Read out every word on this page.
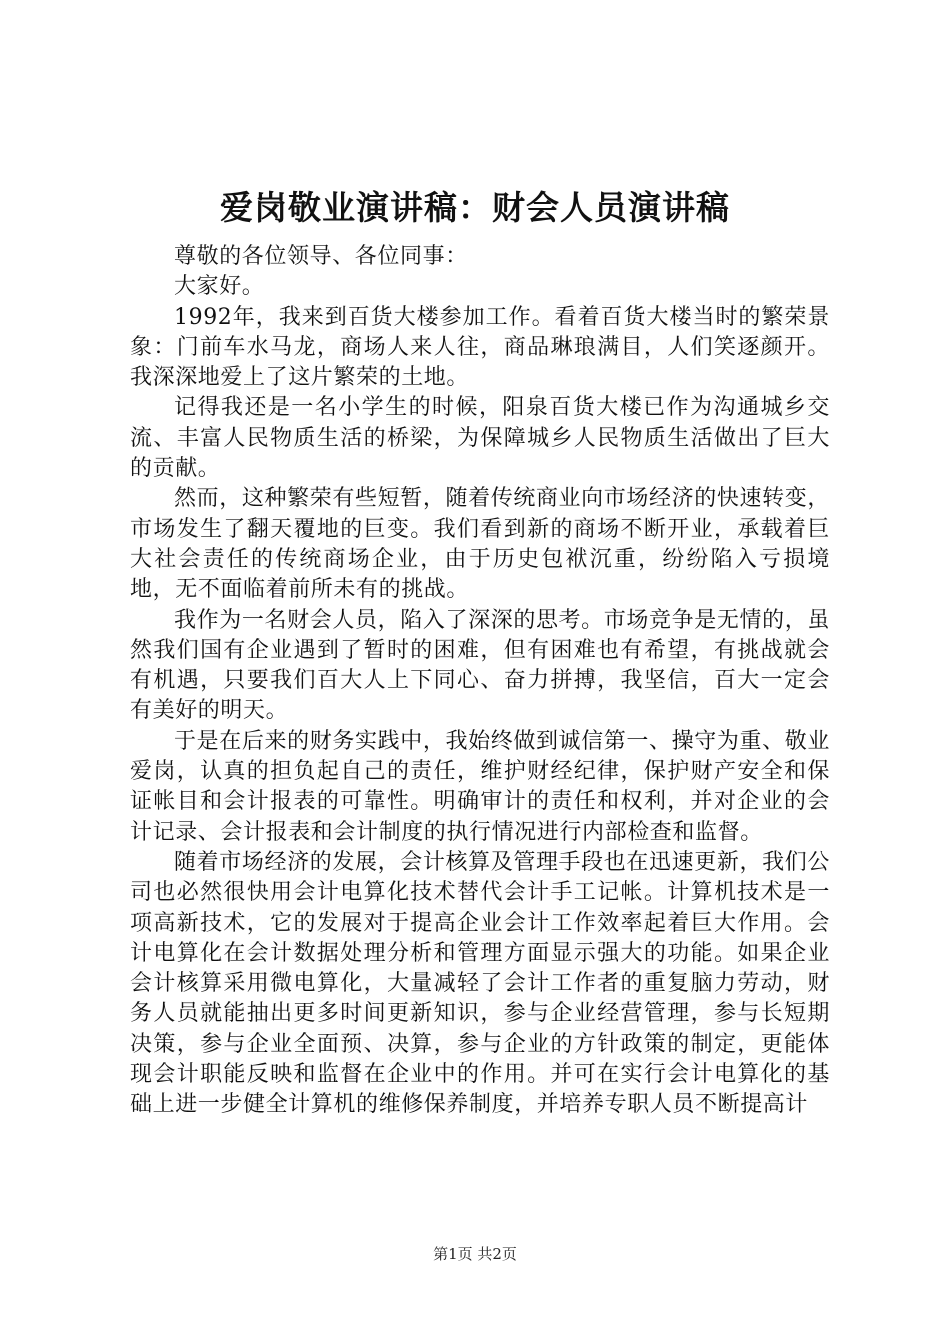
爱岗敬业演讲稿：财会人员演讲稿

尊敬的各位领导、各位同事：

大家好。

1992年，我来到百货大楼参加工作。看着百货大楼当时的繁荣景象：门前车水马龙，商场人来人往，商品琳琅满目，人们笑逐颜开。我深深地爱上了这片繁荣的土地。

记得我还是一名小学生的时候，阳泉百货大楼已作为沟通城乡交流、丰富人民物质生活的桥梁，为保障城乡人民物质生活做出了巨大的贡献。

然而，这种繁荣有些短暂，随着传统商业向市场经济的快速转变，市场发生了翻天覆地的巨变。我们看到新的商场不断开业，承载着巨大社会责任的传统商场企业，由于历史包袱沉重，纷纷陷入亏损境地，无不面临着前所未有的挑战。

我作为一名财会人员，陷入了深深的思考。市场竞争是无情的，虽然我们国有企业遇到了暂时的困难，但有困难也有希望，有挑战就会有机遇，只要我们百大人上下同心、奋力拼搏，我坚信，百大一定会有美好的明天。

于是在后来的财务实践中，我始终做到诚信第一、操守为重、敬业爱岗，认真的担负起自己的责任，维护财经纪律，保护财产安全和保证帐目和会计报表的可靠性。明确审计的责任和权利，并对企业的会计记录、会计报表和会计制度的执行情况进行内部检查和监督。

随着市场经济的发展，会计核算及管理手段也在迅速更新，我们公司也必然很快用会计电算化技术替代会计手工记帐。计算机技术是一项高新技术，它的发展对于提高企业会计工作效率起着巨大作用。会计电算化在会计数据处理分析和管理方面显示强大的功能。如果企业会计核算采用微电算化，大量减轻了会计工作者的重复脑力劳动，财务人员就能抽出更多时间更新知识，参与企业经营管理，参与长短期决策，参与企业全面预、决算，参与企业的方针政策的制定，更能体现会计职能反映和监督在企业中的作用。并可在实行会计电算化的基础上进一步健全计算机的维修保养制度，并培养专职人员不断提高计

第1页 共2页
